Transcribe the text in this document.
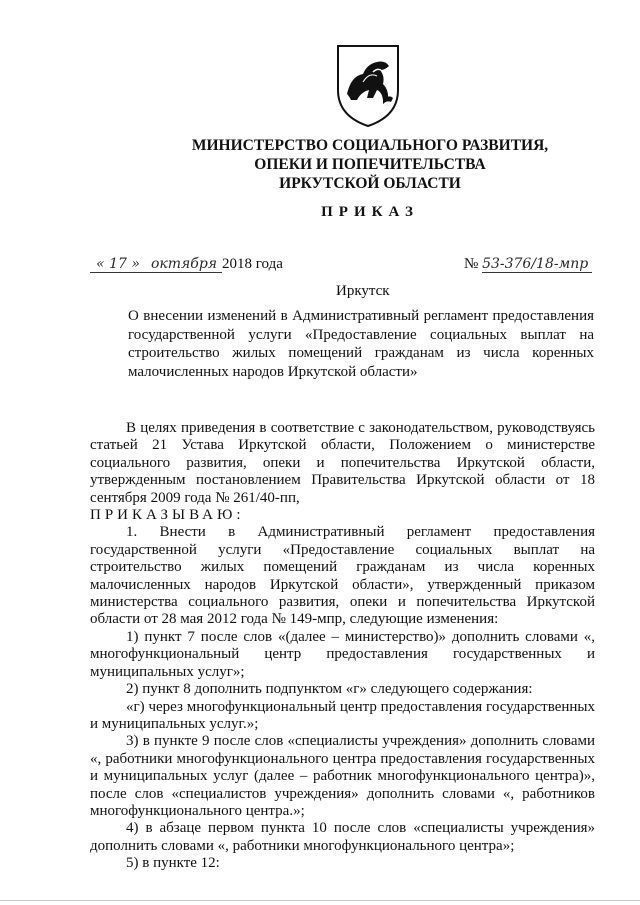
МИНИСТЕРСТВО СОЦИАЛЬНОГО РАЗВИТИЯ,
ОПЕКИ И ПОПЕЧИТЕЛЬСТВА
ИРКУТСКОЙ ОБЛАСТИ
ПРИКАЗ
« 17 » октября 2018 года	№ 53-376/18-мпр
Иркутск
О внесении изменений в Административный регламент предоставления государственной услуги «Предоставление социальных выплат на строительство жилых помещений гражданам из числа коренных малочисленных народов Иркутской области»

В целях приведения в соответствие с законодательством, руководствуясь статьей 21 Устава Иркутской области, Положением о министерстве социального развития, опеки и попечительства Иркутской области, утвержденным постановлением Правительства Иркутской области от 18 сентября 2009 года № 261/40-пп,

ПРИКАЗЫВАЮ:

1. Внести в Административный регламент предоставления государственной услуги «Предоставление социальных выплат на строительство жилых помещений гражданам из числа коренных малочисленных народов Иркутской области», утвержденный приказом министерства социального развития, опеки и попечительства Иркутской области от 28 мая 2012 года № 149-мпр, следующие изменения:

1) пункт 7 после слов «(далее – министерство)» дополнить словами «, многофункциональный центр предоставления государственных и муниципальных услуг»;

2) пункт 8 дополнить подпунктом «г» следующего содержания:

«г) через многофункциональный центр предоставления государственных и муниципальных услуг.»;

3) в пункте 9 после слов «специалисты учреждения» дополнить словами «, работники многофункционального центра предоставления государственных и муниципальных услуг (далее – работник многофункционального центра)», после слов «специалистов учреждения» дополнить словами «, работников многофункционального центра.»;

4) в абзаце первом пункта 10 после слов «специалисты учреждения» дополнить словами «, работники многофункционального центра»;

5) в пункте 12:
